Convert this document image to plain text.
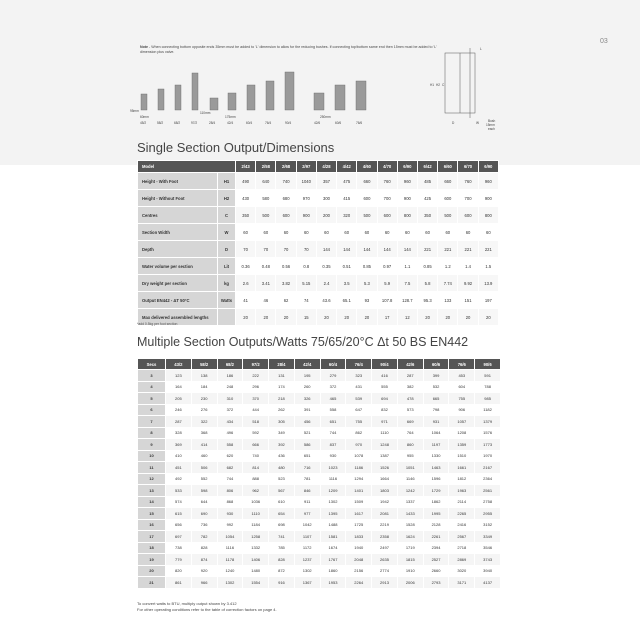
03
Note - When connecting bottom opposite ends 35mm must be added to 'L' dimension to allow for the reducing bushes. If connecting top/bottom same end then 15mm must be added to 'L' dimension plus valve.
95mm
60mm
110mm
175mm	250mm
45/2	58/2	68/2	97/2	28/4	42/4	60/4	76/4	90/4	42/6	60/6	76/6
L
H1 H2 C
D	W	Bush
15mm
each
Single Section Output/Dimensions
Model		2/43	2/58	2/68	2/97	4/28	4/42	4/60	4/70	6/90	6/42	6/60	6/70	6/90
Height - With Foot	H1	490	640	740	1040	357	475	660	760	960	485	660	760	960
Height - Without Foot	H2	430	580	680	970	300	415	600	700	900	425	600	700	900
Centres	C	350	500	600	900	200	320	500	600	800	350	500	600	800
Section Width	W	60	60	60	60	60	60	60	60	60	60	60	60	60
Depth	D	70	70	70	70	144	144	144	144	144	221	221	221	221
Water volume per section	Lit	0.36	0.48	0.56	0.8	0.35	0.51	0.85	0.97	1.1	0.85	1.2	1.4	1.5
Dry weight per section	kg	2.6	3.41	3.82	5.15	2.4	3.5	5.3	5.9	7.5	5.8	7.74	9.92	13.9
Output EN442 - ΔT 50°C	Watts	41	46	62	74	43.6	65.1	93	107.8	128.7	95.3	133	151	197
Max delivered assembled lengths		20	20	20	15	20	20	20	17	12	20	20	20	20
*add 0.5kg per foot section
Multiple Section Outputs/Watts 75/65/20°C Δt 50 BS EN442
Secs	43/2	58/2	68/2	97/2	28/4	42/4	60/4	76/4	90/4	42/6	60/6	76/6	90/6
3	123	138	186	222	131	195	279	323	416	287	399	453	591
4	164	184	248	296	174	260	372	431	555	382	532	604	788
5	205	230	310	370	218	326	465	539	694	478	665	755	985
6	246	276	372	444	262	391	558	647	832	573	798	906	1182
7	287	322	434	518	305	456	651	755	971	669	931	1057	1379
8	328	368	496	592	349	521	744	862	1110	764	1064	1208	1576
9	369	414	558	666	392	586	837	970	1248	860	1197	1359	1773
10	410	460	620	740	436	651	930	1078	1387	955	1330	1510	1970
11	451	506	682	814	480	716	1023	1186	1526	1051	1463	1661	2167
12	492	552	744	888	523	781	1116	1294	1664	1146	1596	1812	2364
13	533	598	806	962	567	846	1209	1401	1803	1242	1729	1963	2561
14	574	644	868	1036	610	911	1302	1509	1942	1337	1862	2114	2758
15	615	690	930	1110	654	977	1395	1617	2081	1433	1995	2265	2955
16	656	736	992	1184	698	1042	1488	1725	2219	1528	2128	2416	3152
17	697	782	1054	1258	741	1107	1581	1833	2358	1624	2261	2567	3349
18	738	828	1116	1332	785	1172	1674	1940	2497	1719	2394	2718	3546
19	779	874	1178	1406	828	1237	1767	2048	2635	1815	2527	2869	3743
20	820	920	1240	1480	872	1302	1860	2156	2774	1910	2660	3020	3940
21	861	966	1302	1554	916	1367	1953	2264	2913	2006	2793	3171	4137
To convert watts to BTU, multiply output shown by 3.412
For other operating conditions refer to the table of correction factors on page 4.
